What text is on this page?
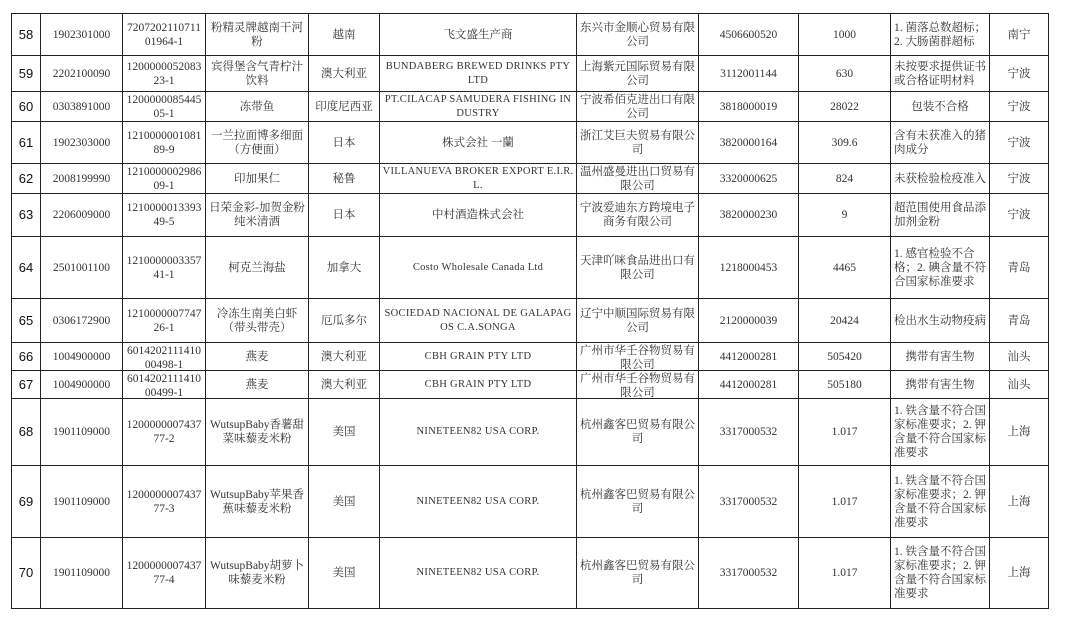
58	1902301000	720720211071101964-1	粉精灵牌越南干河粉	越南	飞文盛生产商	东兴市金顺心贸易有限公司	4506600520	1000	1. 菌落总数超标；2. 大肠菌群超标	南宁

59	2202100090	120000005208323-1	宾得堡含气青柠汁饮料	澳大利亚	BUNDABERG BREWED DRINKS PTY LTD	上海紫元国际贸易有限公司	3112001144	630	未按要求提供证书或合格证明材料	宁波

60	0303891000	120000008544505-1	冻带鱼	印度尼西亚	PT.CILACAP SAMUDERA FISHING INDUSTRY	宁波希佰克进出口有限公司	3818000019	28022	包装不合格	宁波

61	1902303000	121000000108189-9	一兰拉面博多细面（方便面）	日本	株式会社 一蘭	浙江艾巨夫贸易有限公司	3820000164	309.6	含有未获准入的猪肉成分	宁波

62	2008199990	121000000298609-1	印加果仁	秘鲁	VILLANUEVA BROKER EXPORT E.I.R.L.	温州盛曼进出口贸易有限公司	3320000625	824	未获检验检疫准入	宁波

63	2206009000	121000001339349-5	日荣金彩-加贺金粉纯米清酒	日本	中村酒造株式会社	宁波爱迪东方跨境电子商务有限公司	3820000230	9	超范围使用食品添加剂金粉	宁波

64	2501001100	121000000335741-1	柯克兰海盐	加拿大	Costo Wholesale Canada Ltd	天津吖咪食品进出口有限公司	1218000453	4465	1. 感官检验不合格；2. 碘含量不符合国家标准要求	青岛

65	0306172900	121000000774726-1	冷冻生南美白虾（带头带壳）	厄瓜多尔	SOCIEDAD NACIONAL DE GALAPAGOS C.A.SONGA	辽宁中顺国际贸易有限公司	2120000039	20424	检出水生动物疫病	青岛

66	1004900000	601420211141000498-1	燕麦	澳大利亚	CBH GRAIN PTY LTD	广州市华壬谷物贸易有限公司	4412000281	505420	携带有害生物	汕头

67	1004900000	601420211141000499-1	燕麦	澳大利亚	CBH GRAIN PTY LTD	广州市华壬谷物贸易有限公司	4412000281	505180	携带有害生物	汕头

68	1901109000	120000000743777-2	WutsupBaby香薯甜菜味藜麦米粉	美国	NINETEEN82 USA CORP.	杭州鑫客巴贸易有限公司	3317000532	1.017	1. 铁含量不符合国家标准要求；2. 钾含量不符合国家标准要求	上海

69	1901109000	120000000743777-3	WutsupBaby苹果香蕉味藜麦米粉	美国	NINETEEN82 USA CORP.	杭州鑫客巴贸易有限公司	3317000532	1.017	1. 铁含量不符合国家标准要求；2. 钾含量不符合国家标准要求	上海

70	1901109000	120000000743777-4	WutsupBaby胡萝卜味藜麦米粉	美国	NINETEEN82 USA CORP.	杭州鑫客巴贸易有限公司	3317000532	1.017	1. 铁含量不符合国家标准要求；2. 钾含量不符合国家标准要求	上海
